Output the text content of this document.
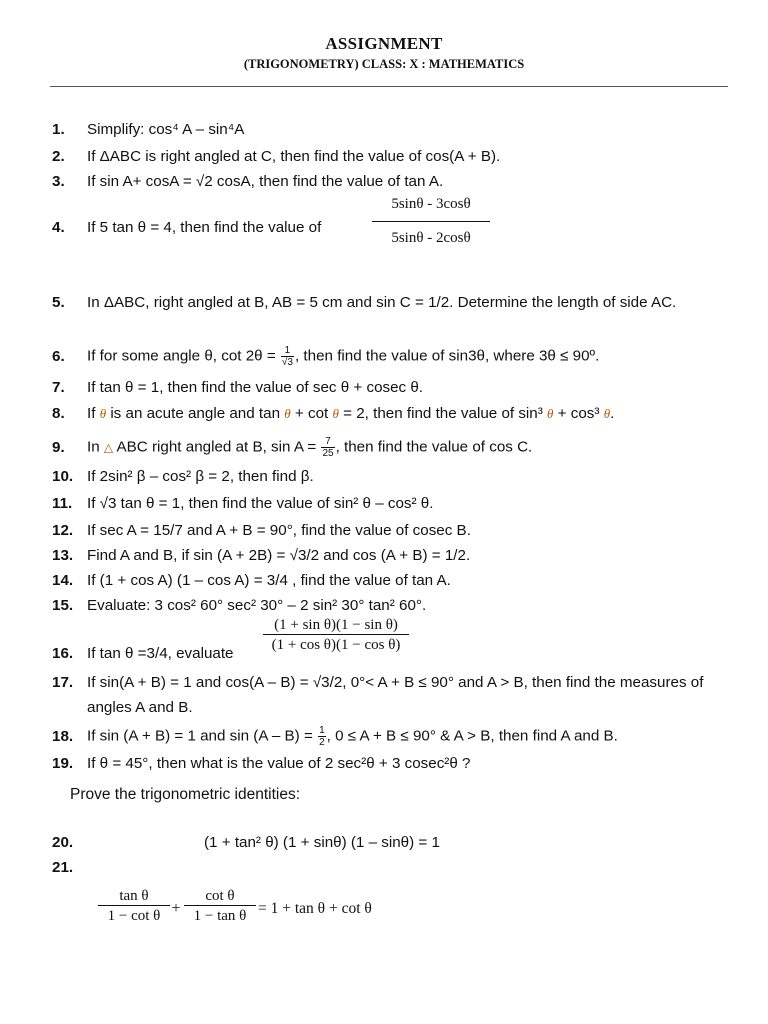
ASSIGNMENT
(TRIGONOMETRY) CLASS: X : MATHEMATICS
1. Simplify: cos⁴ A – sin⁴A
2. If ΔABC is right angled at C, then find the value of cos(A + B).
3. If sin A+ cosA = √2 cosA, then find the value of tan A.
4. If 5 tan θ = 4, then find the value of	$\frac{5\sin\theta - 3\cos\theta}{5\sin\theta - 2\cos\theta}$
5.	In ΔABC, right angled at B, AB = 5 cm and sin C = 1/2. Determine the length of side AC.
6. If for some angle θ, $\cot 2\theta = \frac{1}{√3}$ , then find the value of sin3θ, where 3θ ≤ 90º.
7. If tan θ = 1, then find the value of sec θ + cosec θ.
8. If θ is an acute angle and tan θ + cot θ = 2, then find the value of sin³ θ + cos³ θ.
9. In △ ABC right angled at B, $\sin A = \frac{7}{25}$ , then find the value of cos C.
10. If 2sin² β – cos² β = 2, then find β.
11. If √3 tan θ = 1, then find the value of sin² θ – cos² θ.
12. If sec A = 15/7 and A + B = 90°, find the value of cosec B.
13. Find A and B, if sin (A + 2B) = √3/2 and cos (A + B) = 1/2.
14. If (1 + cos A) (1 – cos A) = 3/4 , find the value of tan A.
15. Evaluate: 3 cos² 60° sec² 30° – 2 sin² 30° tan² 60°.
16. If tan θ =3/4, evaluate $\frac{\text{(1 + sin θ)(1 − sin θ)}}{\text{(1 + cos θ)(1 − cos θ)}}$
17. If sin(A + B) = 1 and cos(A – B) = √3/2, 0°< A + B ≤ 90° and A > B, then find the measures of angles A and B.
18. If sin (A + B) = 1 and $\sin (A - B) = \frac{1}{2}$ , 0 ≤ A + B ≤ 90° & A > B, then find A and B.
19. If θ = 45°, then what is the value of 2 sec²θ + 3 cosec²θ ?
Prove the trigonometric identities:
20.	(1 + tan² θ) (1 + sinθ) (1 – sinθ) = 1
21.
$\frac{\text{tan θ}}{\text{1 − cot θ}} + \frac{\text{cot θ}}{\text{1 − tan θ}} = 1 + \tan \theta + \cot \theta$
